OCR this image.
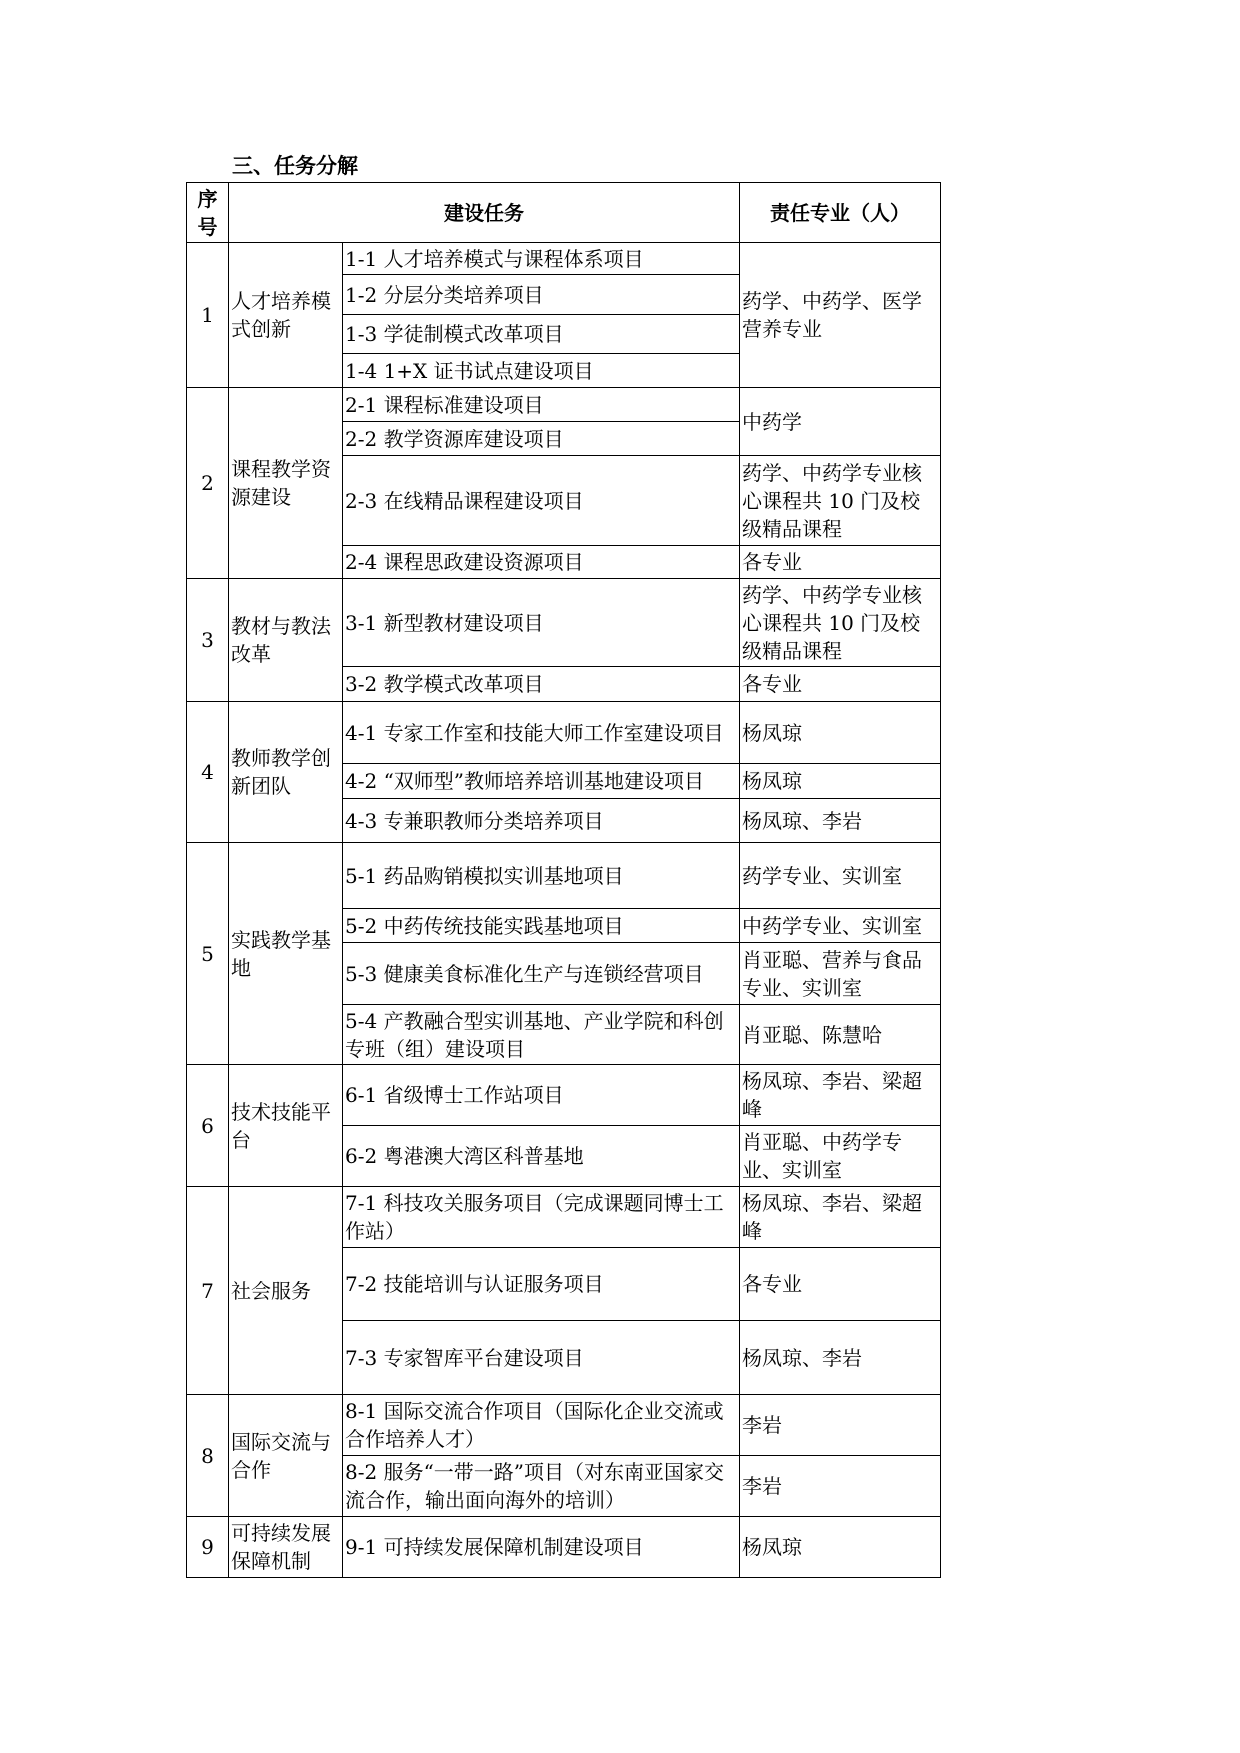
三、任务分解
序号	建设任务		责任专业（人）
1	人才培养模式创新	1-1 人才培养模式与课程体系项目	药学、中药学、医学营养专业
		1-2 分层分类培养项目	
		1-3 学徒制模式改革项目	
		1-4 1+X 证书试点建设项目	
2	课程教学资源建设	2-1 课程标准建设项目	中药学
		2-2 教学资源库建设项目	
		2-3 在线精品课程建设项目	药学、中药学专业核心课程共 10 门及校级精品课程
		2-4 课程思政建设资源项目	各专业
3	教材与教法改革	3-1 新型教材建设项目	药学、中药学专业核心课程共 10 门及校级精品课程
		3-2 教学模式改革项目	各专业
4	教师教学创新团队	4-1 专家工作室和技能大师工作室建设项目	杨凤琼
		4-2 “双师型”教师培养培训基地建设项目	杨凤琼
		4-3 专兼职教师分类培养项目	杨凤琼、李岩
5	实践教学基地	5-1 药品购销模拟实训基地项目	药学专业、实训室
		5-2 中药传统技能实践基地项目	中药学专业、实训室
		5-3 健康美食标准化生产与连锁经营项目	肖亚聪、营养与食品专业、实训室
		5-4 产教融合型实训基地、产业学院和科创专班（组）建设项目	肖亚聪、陈慧哈
6	技术技能平台	6-1 省级博士工作站项目	杨凤琼、李岩、梁超峰
		6-2 粤港澳大湾区科普基地	肖亚聪、中药学专业、实训室
7	社会服务	7-1 科技攻关服务项目（完成课题同博士工作站）	杨凤琼、李岩、梁超峰
		7-2 技能培训与认证服务项目	各专业
		7-3 专家智库平台建设项目	杨凤琼、李岩
8	国际交流与合作	8-1 国际交流合作项目（国际化企业交流或合作培养人才）	李岩
		8-2 服务“一带一路”项目（对东南亚国家交流合作，输出面向海外的培训）	李岩
9	可持续发展保障机制	9-1 可持续发展保障机制建设项目	杨凤琼
